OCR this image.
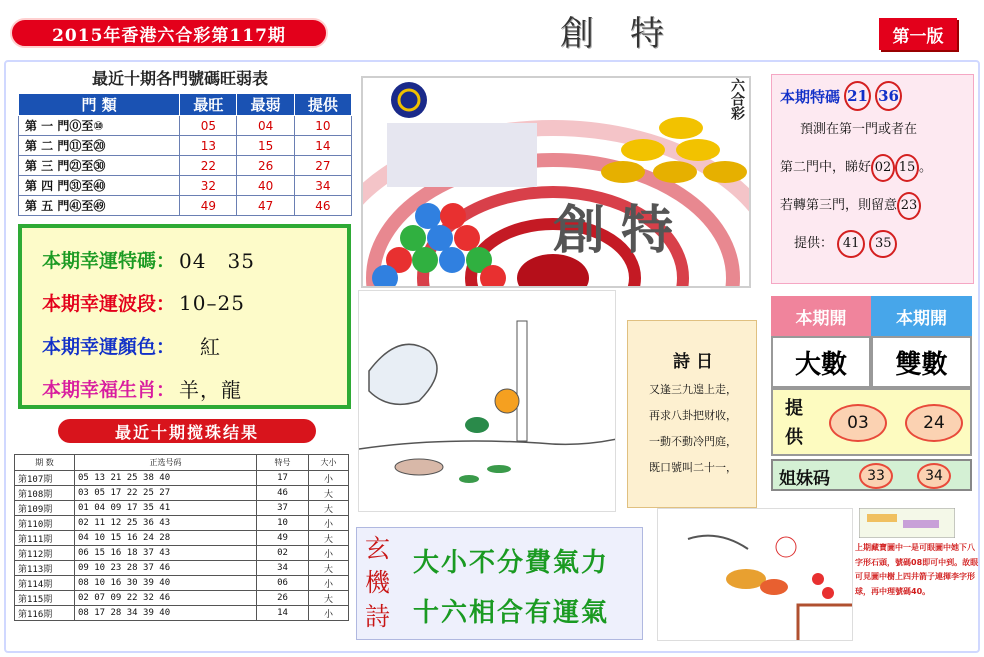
2015年香港六合彩第117期	創特	第一版
最近十期各門號碼旺弱表
門 類	最旺	最弱	提供
第 一 門⓪至⑩	05	04	10
第 二 門⑪至⑳	13	15	14
第 三 門㉑至㉚	22	26	27
第 四 門㉛至㊵	32	40	34
第 五 門㊶至㊾	49	47	46
本期幸運特碼： 04　35
本期幸運波段： 10–25
本期幸運顏色： 　紅
本期幸福生肖： 羊，龍
最近十期搅珠结果
期 数	正选号码	特号	大小
第107期	05 13 21 25 38 40	17	小
第108期	03 05 17 22 25 27	46	大
第109期	01 04 09 17 35 41	37	大
第110期	02 11 12 25 36 43	10	小
第111期	04 10 15 16 24 28	49	大
第112期	06 15 16 18 37 43	02	小
第113期	09 10 23 28 37 46	34	大
第114期	08 10 16 30 39 40	06	小
第115期	02 07 09 22 32 46	26	大
第116期	08 17 28 34 39 40	14	小
六合彩
創特
本期特碼 21 36
預測在第一門或者在
第二門中，睇好 02 15 。
若轉第三門，則留意 23
提供： 41 35
本期開	本期開
大數	雙數
提供
03	24
姐妹码	33	34
詩 日
又逢三九遑上走，
再求八卦把财收，
一動不動冷門庭，
既口號叫二十一，
玄機詩
大小不分費氣力
十六相合有運氣
上期藏寶圖中一是可眼圖中她下八字形石頭，號碼08即可中到。故眼可見圖中樹上四井箭子連揮李字形球，再中理號碼40。
